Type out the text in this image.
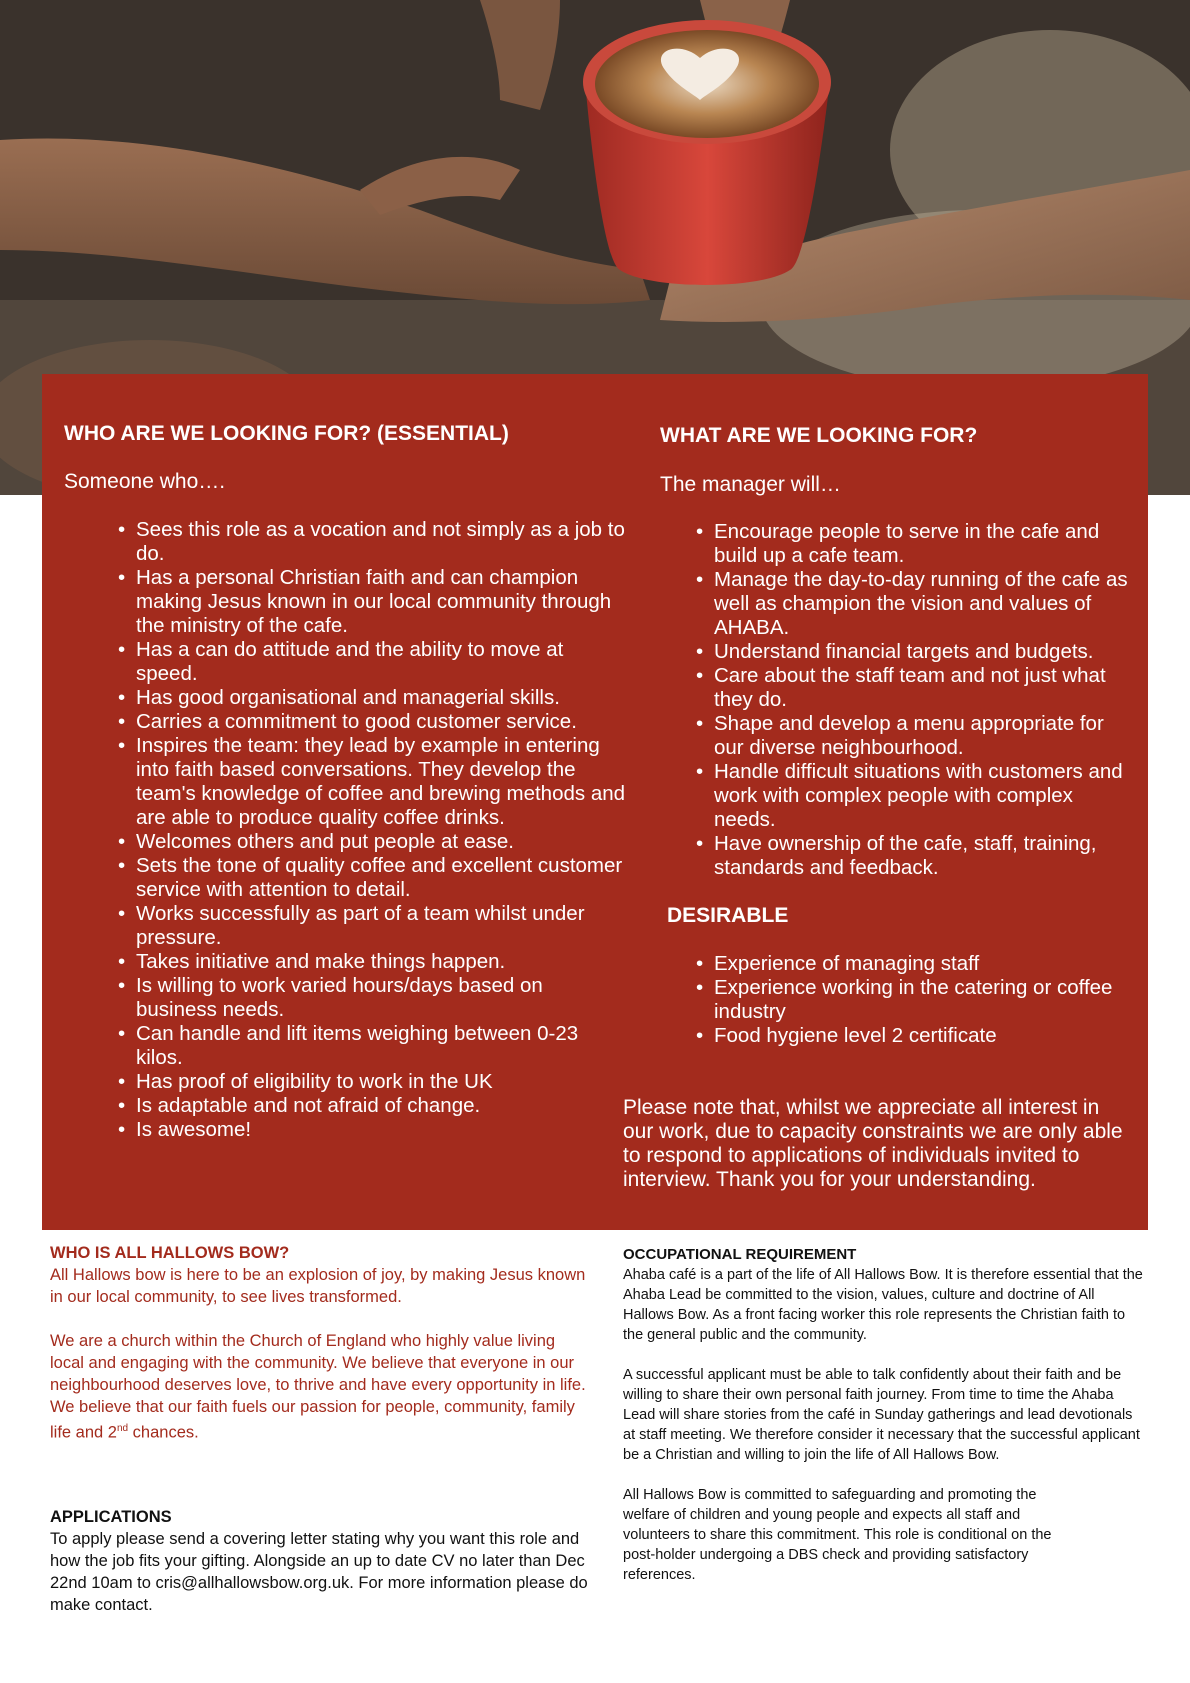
WHO ARE WE LOOKING FOR? (ESSENTIAL)
Someone who….
• Sees this role as a vocation and not simply as a job to do.
• Has a personal Christian faith and can champion making Jesus known in our local community through the ministry of the cafe.
• Has a can do attitude and the ability to move at speed.
• Has good organisational and managerial skills.
• Carries a commitment to good customer service.
• Inspires the team: they lead by example in entering into faith based conversations. They develop the team's knowledge of coffee and brewing methods and are able to produce quality coffee drinks.
• Welcomes others and put people at ease.
• Sets the tone of quality coffee and excellent customer service with attention to detail.
• Works successfully as part of a team whilst under pressure.
• Takes initiative and make things happen.
• Is willing to work varied hours/days based on business needs.
• Can handle and lift items weighing between 0-23 kilos.
• Has proof of eligibility to work in the UK
• Is adaptable and not afraid of change.
• Is awesome!
WHAT ARE WE LOOKING FOR?
The manager will…
• Encourage people to serve in the cafe and build up a cafe team.
• Manage the day-to-day running of the cafe as well as champion the vision and values of AHABA.
• Understand financial targets and budgets.
• Care about the staff team and not just what they do.
• Shape and develop a menu appropriate for our diverse neighbourhood.
• Handle difficult situations with customers and work with complex people with complex needs.
• Have ownership of the cafe, staff, training, standards and feedback.
DESIRABLE
• Experience of managing staff
• Experience working in the catering or coffee industry
• Food hygiene level 2 certificate
Please note that, whilst we appreciate all interest in our work, due to capacity constraints we are only able to respond to applications of individuals invited to interview. Thank you for your understanding.
WHO IS ALL HALLOWS BOW?

All Hallows bow is here to be an explosion of joy, by making Jesus known in our local community, to see lives transformed.

We are a church within the Church of England who highly value living local and engaging with the community. We believe that everyone in our neighbourhood deserves love, to thrive and have every opportunity in life. We believe that our faith fuels our passion for people, community, family life and 2nd chances.

APPLICATIONS

To apply please send a covering letter stating why you want this role and how the job fits your gifting. Alongside an up to date CV no later than Dec 22nd 10am to cris@allhallowsbow.org.uk. For more information please do make contact.

OCCUPATIONAL REQUIREMENT

Ahaba café is a part of the life of All Hallows Bow. It is therefore essential that the Ahaba Lead be committed to the vision, values, culture and doctrine of All Hallows Bow. As a front facing worker this role represents the Christian faith to the general public and the community.

A successful applicant must be able to talk confidently about their faith and be willing to share their own personal faith journey. From time to time the Ahaba Lead will share stories from the café in Sunday gatherings and lead devotionals at staff meeting. We therefore consider it necessary that the successful applicant be a Christian and willing to join the life of All Hallows Bow.

All Hallows Bow is committed to safeguarding and promoting the welfare of children and young people and expects all staff and volunteers to share this commitment. This role is conditional on the post-holder undergoing a DBS check and providing satisfactory references.
